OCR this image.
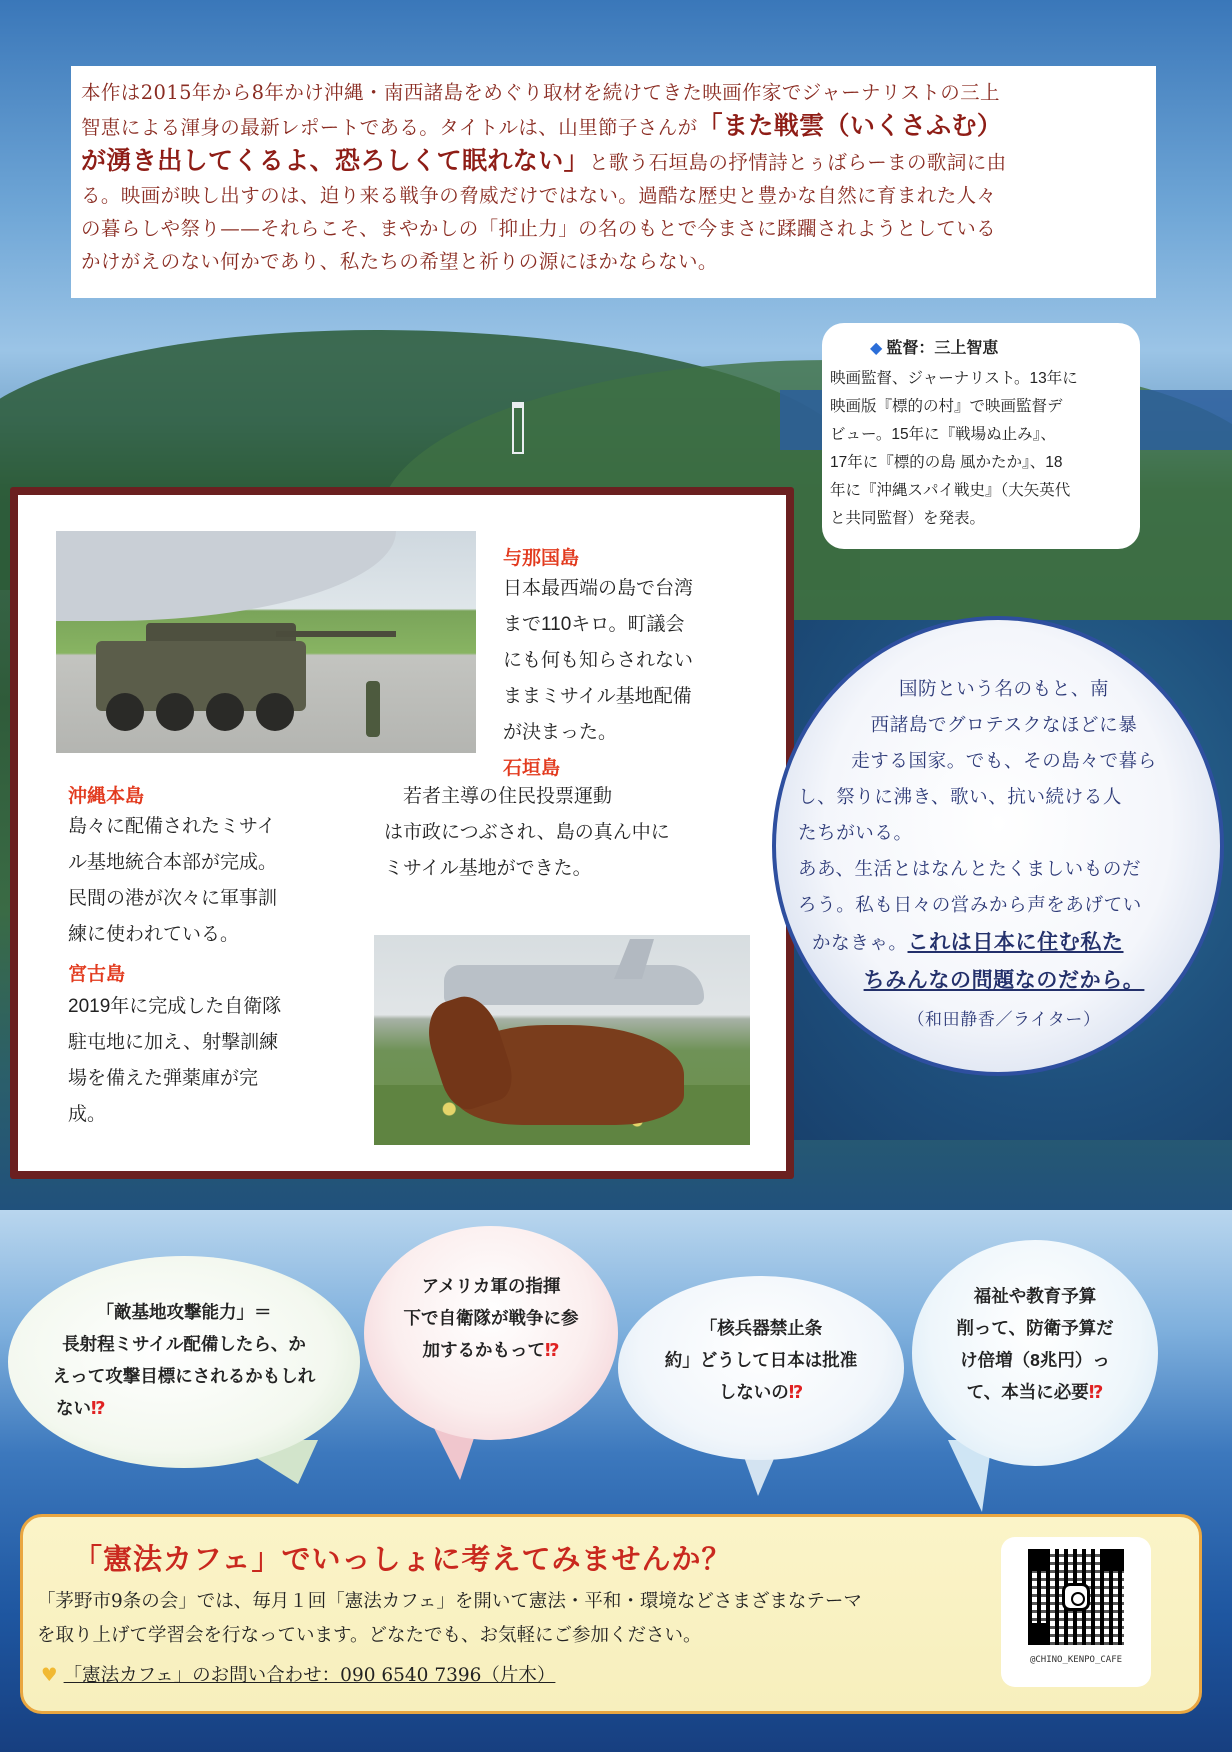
本作は2015年から8年かけ沖縄・南西諸島をめぐり取材を続けてきた映画作家でジャーナリストの三上
智恵による渾身の最新レポートである。タイトルは、山里節子さんが「また戦雲（いくさふむ）
が湧き出してくるよ、恐ろしくて眠れない」と歌う石垣島の抒情詩とぅばらーまの歌詞に由
る。映画が映し出すのは、迫り来る戦争の脅威だけではない。過酷な歴史と豊かな自然に育まれた人々
の暮らしや祭り——それらこそ、まやかしの「抑止力」の名のもとで今まさに蹂躙されようとしている
かけがえのない何かであり、私たちの希望と祈りの源にほかならない。
◆ 監督：三上智恵
映画監督、ジャーナリスト。13年に
映画版『標的の村』で映画監督デ
ビュー。15年に『戦場ぬ止み』、
17年に『標的の島 風かたか』、18
年に『沖縄スパイ戦史』（大矢英代
と共同監督）を発表。
与那国島
日本最西端の島で台湾
まで110キロ。町議会
にも何も知らされない
ままミサイル基地配備
が決まった。
石垣島
　若者主導の住民投票運動
は市政につぶされ、島の真ん中に
ミサイル基地ができた。
沖縄本島
島々に配備されたミサイ
ル基地統合本部が完成。
民間の港が次々に軍事訓
練に使われている。
宮古島
2019年に完成した自衛隊
駐屯地に加え、射撃訓練
場を備えた弾薬庫が完
成。
国防という名のもと、南
西諸島でグロテスクなほどに暴
走する国家。でも、その島々で暮ら
し、祭りに沸き、歌い、抗い続ける人
たちがいる。
ああ、生活とはなんとたくましいものだ
ろう。私も日々の営みから声をあげてい
かなきゃ。これは日本に住む私た
ちみんなの問題なのだから。
（和田静香／ライター）
「敵基地攻撃能力」＝
長射程ミサイル配備したら、か
えって攻撃目標にされるかもしれ
ない⁉
アメリカ軍の指揮
下で自衛隊が戦争に参
加するかもって⁉
「核兵器禁止条
約」どうして日本は批准
しないの⁉
福祉や教育予算
削って、防衛予算だ
け倍増（8兆円）っ
て、本当に必要⁉
「憲法カフェ」でいっしょに考えてみませんか？
「茅野市9条の会」では、毎月１回「憲法カフェ」を開いて憲法・平和・環境などさまざまなテーマ
を取り上げて学習会を行なっています。どなたでも、お気軽にご参加ください。
♥ 「憲法カフェ」のお問い合わせ：090 6540 7396（片木）
@CHINO_KENPO_CAFE
